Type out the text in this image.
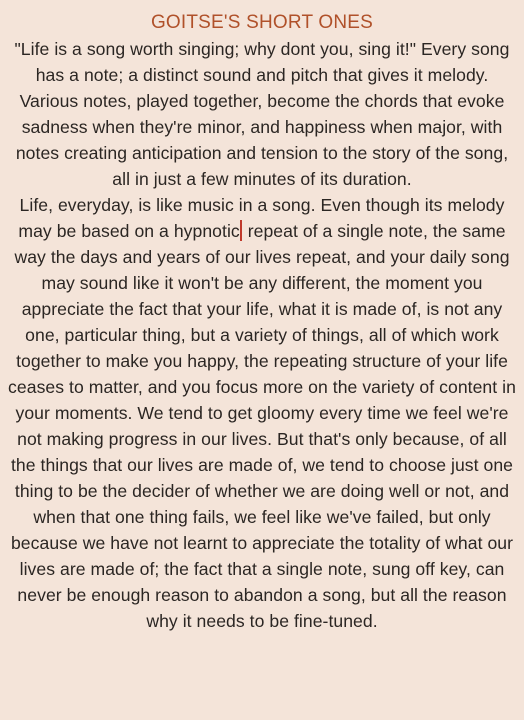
GOITSE'S SHORT ONES

"Life is a song worth singing; why dont you, sing it!" Every song has a note; a distinct sound and pitch that gives it melody. Various notes, played together, become the chords that evoke sadness when they're minor, and happiness when major, with notes creating anticipation and tension to the story of the song, all in just a few minutes of its duration.

Life, everyday, is like music in a song. Even though its melody may be based on a hypnotic repeat of a single note, the same way the days and years of our lives repeat, and your daily song may sound like it won't be any different, the moment you appreciate the fact that your life, what it is made of, is not any one, particular thing, but a variety of things, all of which work together to make you happy, the repeating structure of your life ceases to matter, and you focus more on the variety of content in your moments. We tend to get gloomy every time we feel we're not making progress in our lives. But that's only because, of all the things that our lives are made of, we tend to choose just one thing to be the decider of whether we are doing well or not, and when that one thing fails, we feel like we've failed, but only because we have not learnt to appreciate the totality of what our lives are made of; the fact that a single note, sung off key, can never be enough reason to abandon a song, but all the reason why it needs to be fine-tuned.
